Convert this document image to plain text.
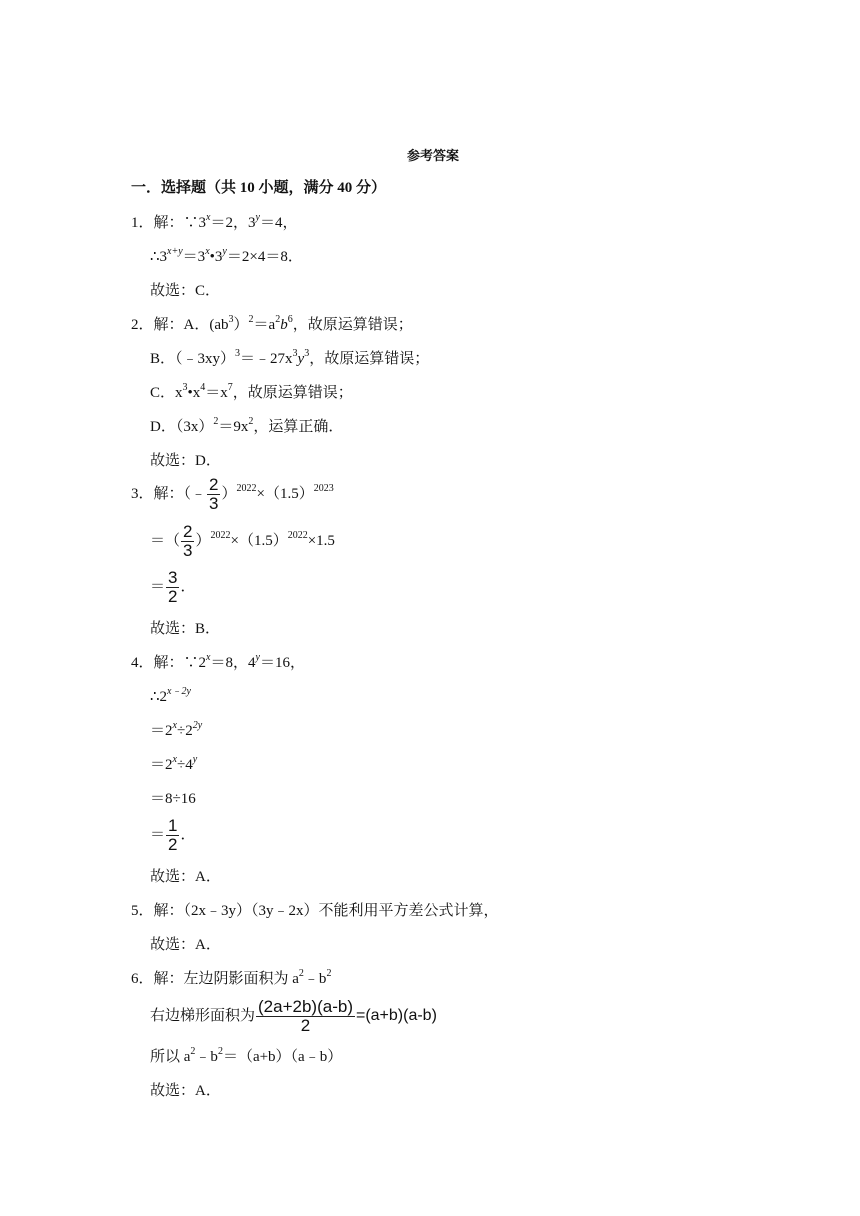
参考答案
一．选择题（共 10 小题，满分 40 分）
1．解：$\because 3^x=2$，$3^y=4$，
$\therefore 3^{x+y}=3^x•3^y=2\times 4=8$．
故选：C．
2．解：A．$(ab^3)^2=a^2b^6$，故原运算错误；
B．$(﹣3xy)^3=﹣27x^3y^3$，故原运算错误；
C．$x^3•x^4=x^7$，故原运算错误；
D．$(3x)^2=9x^2$，运算正确．
故选：D．
3．解：（﹣ $\frac{2}{3} )^{2022}\times(1.5)^{2023}$
＝（ $\frac{2}{3} )^{2022}\times(1.5)^{2022}\times 1.5$
＝ $\frac{3}{2}$ ．
故选：B．
4．解：$\because 2^x=8$，$4^y=16$，
$\therefore 2^{x﹣2y}$
$=2^x\div 2^{2y}$
$=2^x\div 4^y$
＝8÷16
＝ $\frac{1}{2}$ ．
故选：A．
5．解：（2x﹣3y）（3y﹣2x）不能利用平方差公式计算，
故选：A．
6．解：左边阴影面积为 $a^2﹣b^2$
右边梯形面积为 $\frac{(2a+2b)(a-b)}{2} =(a+b)(a-b)$
所以 $a^2﹣b^2=(a+b)(a﹣b)$
故选：A．
